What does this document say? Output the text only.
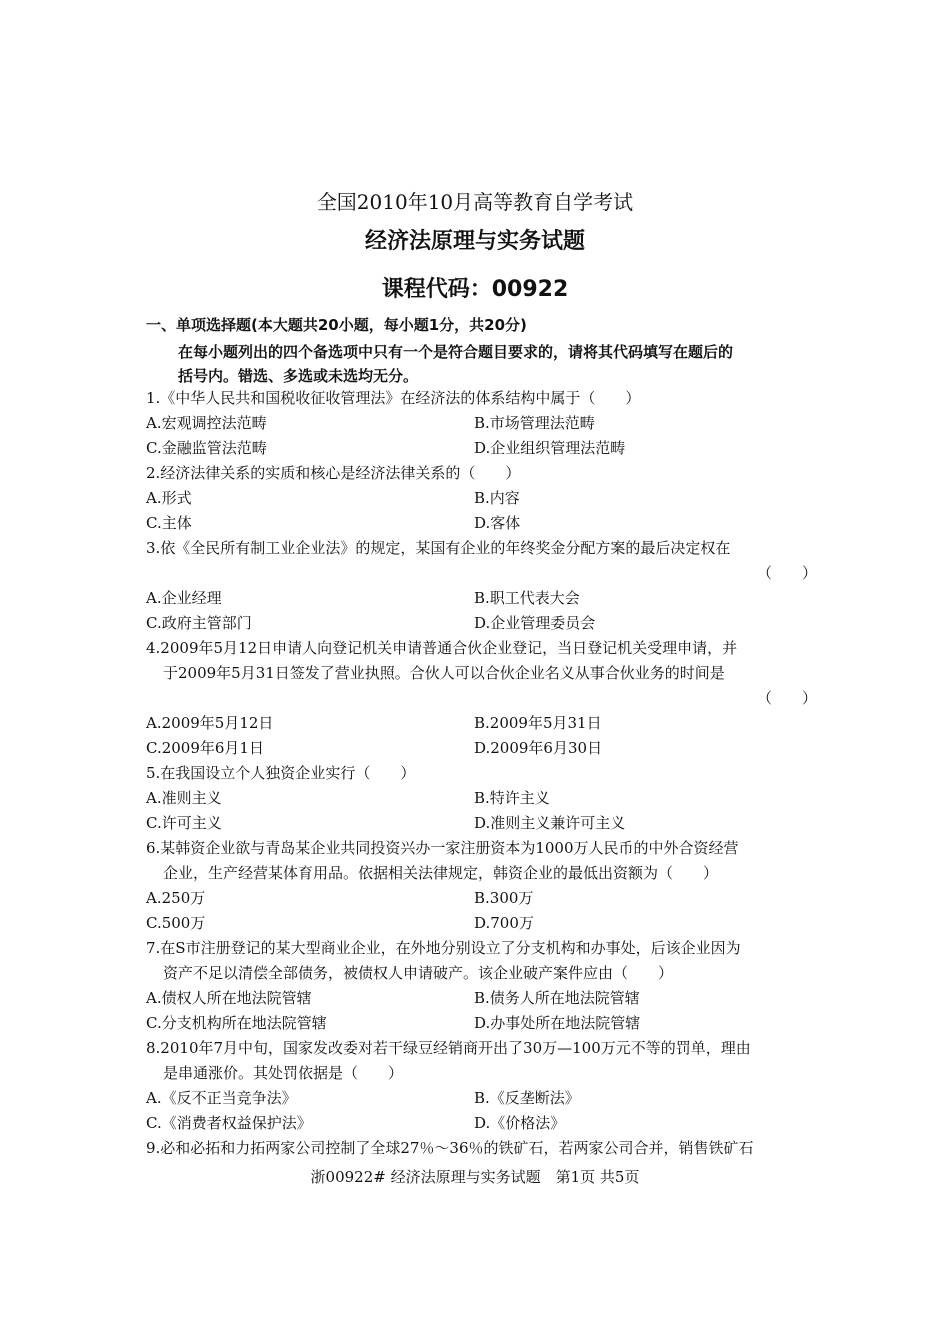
全国2010年10月高等教育自学考试
经济法原理与实务试题
课程代码：00922
一、单项选择题(本大题共20小题，每小题1分，共20分)
在每小题列出的四个备选项中只有一个是符合题目要求的，请将其代码填写在题后的
括号内。错选、多选或未选均无分。
1.《中华人民共和国税收征收管理法》在经济法的体系结构中属于（　　）
A.宏观调控法范畴	B.市场管理法范畴
C.金融监管法范畴	D.企业组织管理法范畴
2.经济法律关系的实质和核心是经济法律关系的（　　）
A.形式	B.内容
C.主体	D.客体
3.依《全民所有制工业企业法》的规定，某国有企业的年终奖金分配方案的最后决定权在
（　　）
A.企业经理	B.职工代表大会
C.政府主管部门	D.企业管理委员会
4.2009年5月12日申请人向登记机关申请普通合伙企业登记，当日登记机关受理申请，并
于2009年5月31日签发了营业执照。合伙人可以合伙企业名义从事合伙业务的时间是
（　　）
A.2009年5月12日	B.2009年5月31日
C.2009年6月1日	D.2009年6月30日
5.在我国设立个人独资企业实行（　　）
A.准则主义	B.特许主义
C.许可主义	D.准则主义兼许可主义
6.某韩资企业欲与青岛某企业共同投资兴办一家注册资本为1000万人民币的中外合资经营
企业，生产经营某体育用品。依据相关法律规定，韩资企业的最低出资额为（　　）
A.250万	B.300万
C.500万	D.700万
7.在S市注册登记的某大型商业企业，在外地分别设立了分支机构和办事处，后该企业因为
资产不足以清偿全部债务，被债权人申请破产。该企业破产案件应由（　　）
A.债权人所在地法院管辖	B.债务人所在地法院管辖
C.分支机构所在地法院管辖	D.办事处所在地法院管辖
8.2010年7月中旬，国家发改委对若干绿豆经销商开出了30万—100万元不等的罚单，理由
是串通涨价。其处罚依据是（　　）
A.《反不正当竞争法》	B.《反垄断法》
C.《消费者权益保护法》	D.《价格法》
9.必和必拓和力拓两家公司控制了全球27％～36％的铁矿石，若两家公司合并，销售铁矿石
浙00922# 经济法原理与实务试题　第1页 共5页
